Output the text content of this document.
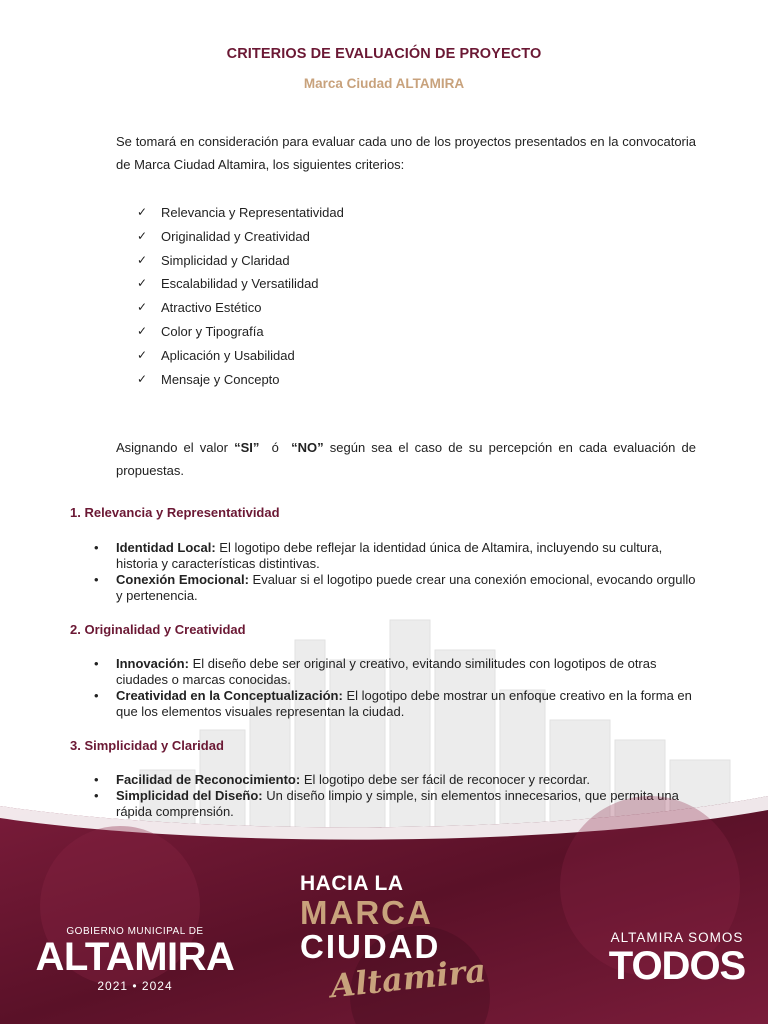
CRITERIOS DE EVALUACIÓN DE PROYECTO
Marca Ciudad ALTAMIRA

Se tomará en consideración para evaluar cada uno de los proyectos presentados en la convocatoria de Marca Ciudad Altamira, los siguientes criterios:

✓	Relevancia y Representatividad
✓	Originalidad y Creatividad
✓	Simplicidad y Claridad
✓	Escalabilidad y Versatilidad
✓	Atractivo Estético
✓	Color y Tipografía
✓	Aplicación y Usabilidad
✓	Mensaje y Concepto

Asignando el valor “SI”  ó  “NO” según sea el caso de su percepción en cada evaluación de propuestas.

1. Relevancia y Representatividad
• Identidad Local: El logotipo debe reflejar la identidad única de Altamira, incluyendo su cultura, historia y características distintivas.
• Conexión Emocional: Evaluar si el logotipo puede crear una conexión emocional, evocando orgullo y pertenencia.
2. Originalidad y Creatividad
• Innovación: El diseño debe ser original y creativo, evitando similitudes con logotipos de otras ciudades o marcas conocidas.
• Creatividad en la Conceptualización: El logotipo debe mostrar un enfoque creativo en la forma en que los elementos visuales representan la ciudad.
3. Simplicidad y Claridad
• Facilidad de Reconocimiento: El logotipo debe ser fácil de reconocer y recordar.
• Simplicidad del Diseño: Un diseño limpio y simple, sin elementos innecesarios, que permita una rápida comprensión.
GOBIERNO MUNICIPAL DE
ALTAMIRA
2021 • 2024
HACIA LA
MARCA
CIUDAD
Altamira
ALTAMIRA SOMOS
TODOS
